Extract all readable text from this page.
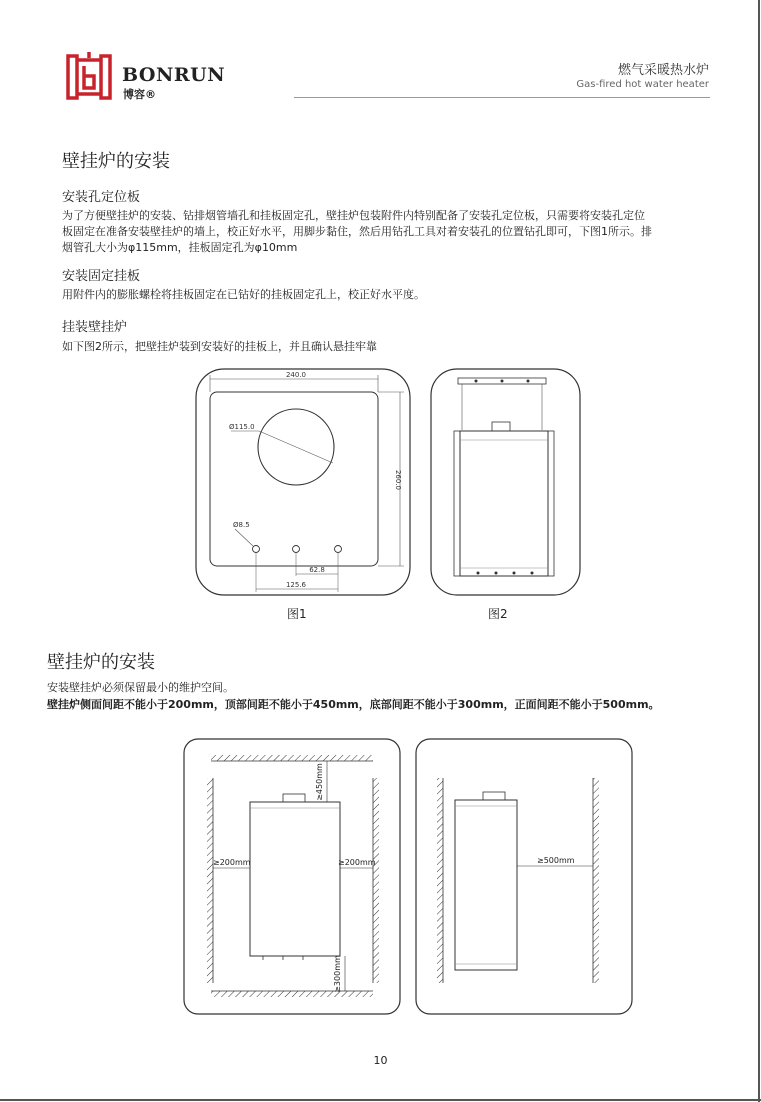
BONRUN
博容®
燃气采暖热水炉
Gas-fired hot water heater
壁挂炉的安装
安装孔定位板
为了方便壁挂炉的安装、钻排烟管墙孔和挂板固定孔，壁挂炉包装附件内特别配备了安装孔定位板，只需要将安装孔定位
板固定在准备安装壁挂炉的墙上，校正好水平，用脚步黏住，然后用钻孔工具对着安装孔的位置钻孔即可，下图1所示。排
烟管孔大小为φ115mm，挂板固定孔为φ10mm
安装固定挂板
用附件内的膨胀螺栓将挂板固定在已钻好的挂板固定孔上，校正好水平度。
挂装壁挂炉
如下图2所示，把壁挂炉装到安装好的挂板上，并且确认悬挂牢靠
240.0
260.0
Ø115.0
Ø8.5
62.8
125.6
图1	图2
壁挂炉的安装
安装壁挂炉必须保留最小的维护空间。
壁挂炉侧面间距不能小于200mm，顶部间距不能小于450mm，底部间距不能小于300mm，正面间距不能小于500mm。
≥450mm
≥200mm	≥200mm
≥300mm
≥500mm
10
